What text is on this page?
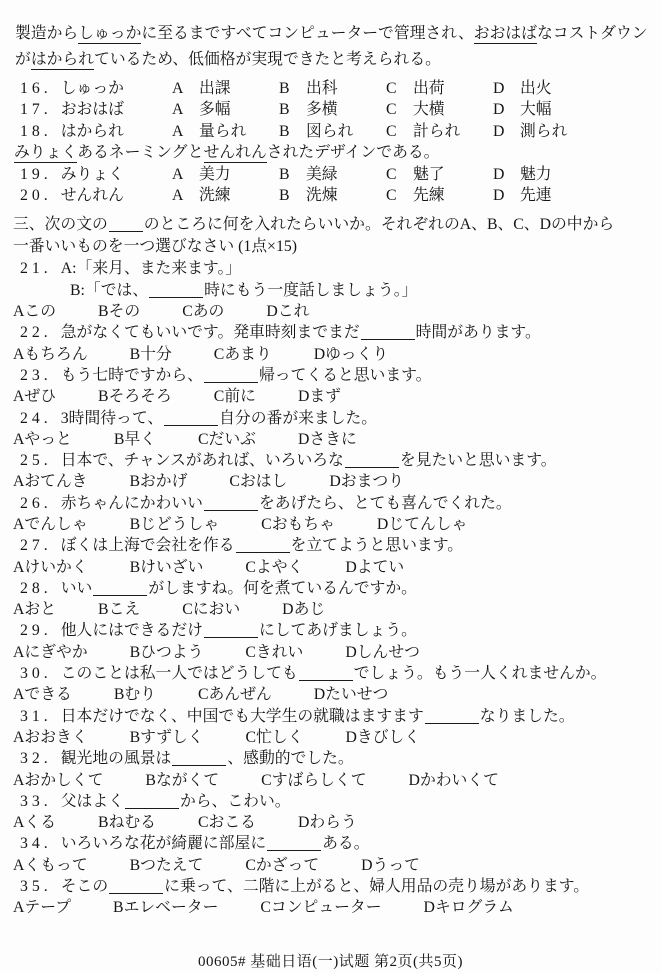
製造からしゅっかに至るまですべてコンピューターで管理され、おおはばなコストダウン
がはかられているため、低価格が実現できたと考えられる。
16. しゅっか	A 出課	B 出科	C 出荷	D 出火
17. おおはば	A 多幅	B 多横	C 大横	D 大幅
18. はかられ	A 量られ	B 図られ	C 計られ	D 測られ
みりょくあるネーミングとせんれんされたデザインである。
19. みりょく	A 美力	B 美緑	C 魅了	D 魅力
20. せんれん	A 洗練	B 洗煉	C 先練	D 先連
三、次の文の のところに何を入れたらいいか。それぞれのA、B、C、Dの中から
一番いいものを一つ選びなさい (1点×15)
21. A:「来月、また来ます。」
B:「では、	時にもう一度話しましょう。」
Aこの	Bその	Cあの	Dこれ
22. 急がなくてもいいです。発車時刻までまだ	時間があります。
Aもちろん	B十分	Cあまり	Dゆっくり
23. もう七時ですから、	帰ってくると思います。
Aぜひ	Bそろそろ	C前に	Dまず
24. 3時間待って、	自分の番が来ました。
Aやっと	B早く	Cだいぶ	Dさきに
25. 日本で、チャンスがあれば、いろいろな	を見たいと思います。
Aおてんき	Bおかげ	Cおはし	Dおまつり
26. 赤ちゃんにかわいい	をあげたら、とても喜んでくれた。
Aでんしゃ	Bじどうしゃ	Cおもちゃ	Dじてんしゃ
27. ぼくは上海で会社を作る	を立てようと思います。
Aけいかく	Bけいざい	Cよやく	Dよてい
28. いい	がしますね。何を煮ているんですか。
Aおと	Bこえ	Cにおい	Dあじ
29. 他人にはできるだけ	にしてあげましょう。
Aにぎやか	Bひつよう	Cきれい	Dしんせつ
30. このことは私一人ではどうしても	でしょう。もう一人くれませんか。
Aできる	Bむり	Cあんぜん	Dたいせつ
31. 日本だけでなく、中国でも大学生の就職はますます	なりました。
Aおおきく	Bすずしく	C忙しく	Dきびしく
32. 観光地の風景は	、感動的でした。
Aおかしくて	Bながくて	Cすばらしくて	Dかわいくて
33. 父はよく	から、こわい。
Aくる	Bねむる	Cおこる	Dわらう
34. いろいろな花が綺麗に部屋に	ある。
Aくもって	Bつたえて	Cかざって	Dうって
35. そこの	に乗って、二階に上がると、婦人用品の売り場があります。
Aテープ	Bエレベーター	Cコンピューター	Dキログラム
00605# 基础日语(一)试题 第2页(共5页)
